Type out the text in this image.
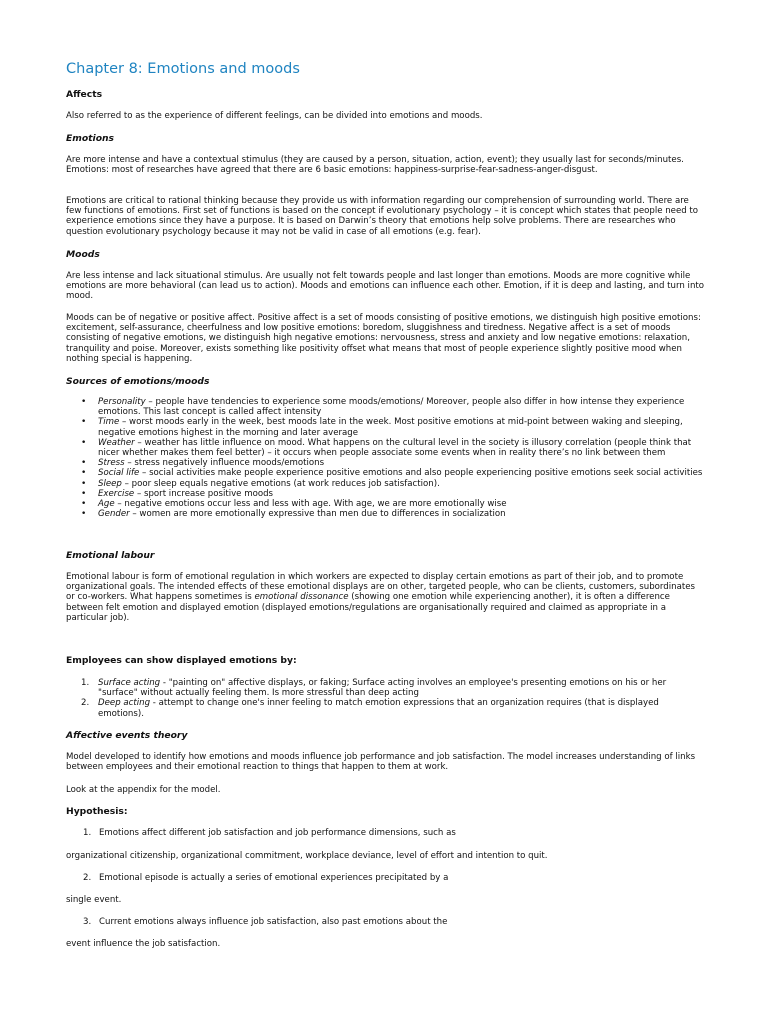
Chapter 8: Emotions and moods
Affects

Also referred to as the experience of different feelings, can be divided into emotions and moods.

Emotions

Are more intense and have a contextual stimulus (they are caused by a person, situation, action, event); they usually last for seconds/minutes. Emotions: most of researches have agreed that there are 6 basic emotions: happiness-surprise-fear-sadness-anger-disgust.

Emotions are critical to rational thinking because they provide us with information regarding our comprehension of surrounding world. There are few functions of emotions. First set of functions is based on the concept if evolutionary psychology – it is concept which states that people need to experience emotions since they have a purpose. It is based on Darwin’s theory that emotions help solve problems. There are researches who question evolutionary psychology because it may not be valid in case of all emotions (e.g. fear).

Moods

Are less intense and lack situational stimulus. Are usually not felt towards people and last longer than emotions. Moods are more cognitive while emotions are more behavioral (can lead us to action). Moods and emotions can influence each other. Emotion, if it is deep and lasting, and turn into mood.

Moods can be of negative or positive affect. Positive affect is a set of moods consisting of positive emotions, we distinguish high positive emotions: excitement, self-assurance, cheerfulness and low positive emotions: boredom, sluggishness and tiredness. Negative affect is a set of moods consisting of negative emotions, we distinguish high negative emotions: nervousness, stress and anxiety and low negative emotions: relaxation, tranquility and poise. Moreover, exists something like positivity offset what means that most of people experience slightly positive mood when nothing special is happening.

Sources of emotions/moods
• Personality – people have tendencies to experience some moods/emotions/ Moreover, people also differ in how intense they experience emotions. This last concept is called affect intensity
• Time – worst moods early in the week, best moods late in the week. Most positive emotions at mid-point between waking and sleeping, negative emotions highest in the morning and later average
• Weather – weather has little influence on mood. What happens on the cultural level in the society is illusory correlation (people think that nicer whether makes them feel better) – it occurs when people associate some events when in reality there’s no link between them
• Stress – stress negatively influence moods/emotions
• Social life – social activities make people experience positive emotions and also people experiencing positive emotions seek social activities
• Sleep – poor sleep equals negative emotions (at work reduces job satisfaction).
• Exercise – sport increase positive moods
• Age – negative emotions occur less and less with age. With age, we are more emotionally wise
• Gender – women are more emotionally expressive than men due to differences in socialization
Emotional labour

Emotional labour is form of emotional regulation in which workers are expected to display certain emotions as part of their job, and to promote organizational goals. The intended effects of these emotional displays are on other, targeted people, who can be clients, customers, subordinates or co-workers. What happens sometimes is emotional dissonance (showing one emotion while experiencing another), it is often a difference between felt emotion and displayed emotion (displayed emotions/regulations are organisationally required and claimed as appropriate in a particular job).

Employees can show displayed emotions by:
1. Surface acting - "painting on" affective displays, or faking; Surface acting involves an employee's presenting emotions on his or her "surface" without actually feeling them. Is more stressful than deep acting
2. Deep acting - attempt to change one's inner feeling to match emotion expressions that an organization requires (that is displayed emotions).
Affective events theory

Model developed to identify how emotions and moods influence job performance and job satisfaction. The model increases understanding of links between employees and their emotional reaction to things that happen to them at work.

Look at the appendix for the model.

Hypothesis:
1. Emotions affect different job satisfaction and job performance dimensions, such as
organizational citizenship, organizational commitment, workplace deviance, level of effort and intention to quit.
2. Emotional episode is actually a series of emotional experiences precipitated by a
single event.
3. Current emotions always influence job satisfaction, also past emotions about the
event influence the job satisfaction.
